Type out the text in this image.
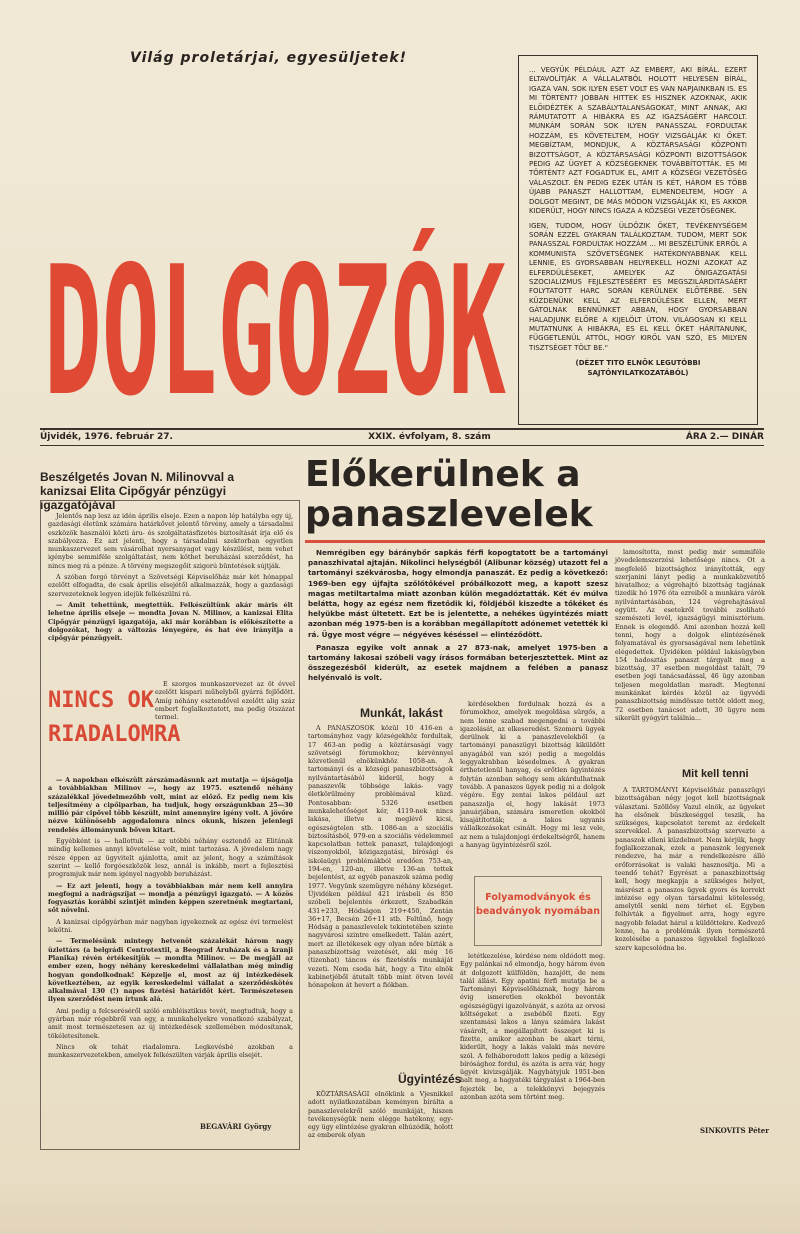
Világ proletárjai, egyesüljetek!
DOLGOZÓK

... VEGYÜK PÉLDÁUL AZT AZ EMBERT, AKI BÍRÁL. EZERT ELTAVOLÍTJÁK A VÁLLALATBÓL HOLOTT HELYESEN BÍRÁL, IGAZA VAN. SOK ILYEN ESET VOLT ES VAN NAPJAINKBAN IS. ES MI TÖRTÉNT? JOBBAN HITTEK ES HISZNEK AZOKNAK, AKIK ELŐIDÉZTÉK A SZABÁLYTALANSÁGOKAT, MINT ANNAK, AKI RÁMUTATOTT A HIBÁKRA ES AZ IGAZSÁGÉRT HARCOLT. MUNKÁM SORÁN SOK ILYEN PANASSZAL FORDULTAK HOZZÁM, ES KÖVETELTEM, HOGY VIZSGÁLJÁK KI ŐKET. MEGBÍZTAM, MONDJUK, A KÖZTÁRSASÁGI KÖZPONTI BIZOTTSÁGOT, A KÖZTÁRSASÁGI KÖZPONTI BIZOTTSÁGOK PEDIG AZ ÜGYET A KÖZSÉGEKNEK TOVÁBBÍTOTTÁK. ES MI TÖRTÉNT? AZT FOGADTUK EL, AMIT A KÖZSÉGI VEZETŐSÉG VÁLASZOLT. ÉN PEDIG EZEK UTÁN IS KÉT, HÁROM ES TÖBB ÚJABB PANASZT HALLOTTAM, ELMENDELTEM, HOGY A DOLGOT MEGINT, DE MÁS MÓDON VIZSGÁLJÁK KI, ES AKKOR KIDERÜLT, HOGY NINCS IGAZA A KÖZSÉGI VEZETŐSÉGNEK.

IGEN, TUDOM, HOGY ÜLDÖZIK ŐKET, TEVÉKENYSÉGEM SORÁN EZZEL GYAKRAN TALÁLKOZTAM. TUDOM, MERT SOK PANASSZAL FORDULTAK HOZZÁM ... MI BESZÉLTÜNK ERRŐL A KOMMUNISTA SZÖVETSÉGNEK HATÉKONYABBNAK KELL LENNIE, ES GYORSABBAN HELYREKELL HOZNI AZOKAT AZ ELFERDÜLÉSEKET, AMELYEK AZ ÖNIGAZGATÁSI SZOCIALIZMUS FEJLESZTÉSÉÉRT ES MEGSZILÁRDÍTÁSÁÉRT FOLYTATOTT HARC SORÁN KERÜLNEK ELŐTÉRBE. SEN KÜZDENÜNK KELL AZ ELFERDÜLÉSEK ELLEN, MERT GÁTOLNAK BENNÜNKET ABBAN, HOGY GYORSABBAN HALADJUNK ELŐRE A KIJELÖLT ÚTON. VILÁGOSAN KI KELL MUTATNUNK A HIBÁKRA, ES EL KELL ŐKET HÁRÍTANUNK, FÜGGETLENÜL ATTÓL, HOGY KIRŐL VAN SZÓ, ES MILYEN TISZTSÉGET TÖLT BE."

(DÉZET TITO ELNÖK LEGUTÓBBI SAJTÓNYILATKOZATÁBÓL)
Újvidék, 1976. február 27.	XXIX. évfolyam, 8. szám	ÁRA 2.— DINÁR
Beszélgetés Jovan N. Milinovval a kanizsai Elita Cipőgyár pénzügyi igazgatójával

Jelentős nap lesz az idén április elseje. Ezen a napon lép hatályba egy új, gazdasági életünk számára határkővet jelentő törvény, amely a társadalmi eszközök használói közti áru- és szolgáltatásfizetés biztosítását írja elő és szabályozza. Ez azt jelenti, hogy a társadalmi szektorban egyetlen munkaszervezet sem vásárolhat nyersanyagot vagy készülést, nem vehet igénybe semmiféle szolgáltatást, nem köthet beruházási szerződést, ha nincs meg rá a pénze. A törvény megszegőit szigorú büntetések sújtják.

A szóban forgó törvényt a Szövetségi Képviselőház már két hónappal ezelőtt elfogadta, de csak április elsejétől alkalmazzák, hogy a gazdasági szervezeteknek legyen idejük felkészülni rá.

— Amit tehettünk, megtettük. Felkészültünk akár máris élt lehetne április elseje — mondta Jovan N. Milinov, a kanizsai Elita Cipőgyár pénzügyi igazgatója, aki már korábban is előkészítette a dolgozókat, hogy a változás lényegére, és hat éve irányítja a cipőgyár pénzügyeit.

NINCS OK RIADALOMRA

E szorgos munkaszervezet az öt évvel ezelőtt kispari műhelyből gyárrá fejlődött. Amíg néhány esztendővel ezelőtt alig száz embert foglalkoztatott, ma pedig ötszázat termel.

— A napokban elkészült zárszámadásunk azt mutatja — újságolja a továbbiakban Milinov —, hogy az 1975. esztendő néhány százalékkal jövedelmezőbb volt, mint az előző. Ez pedig nem kis teljesítmény a cipőiparban, ha tudjuk, hogy országunkban 25—30 millió pár cipővel több készült, mint amennyire igény volt. A jövőre nézve különösebb aggodalomra nincs okunk, hiszen jelenlegi rendelés állományunk bőven kitart.

Egyébként is — hallottuk — az utóbbi néhány esztendő az Elitának mindig kellemes annyi követelése volt, mint tartozása. A jövedelem nagy része éppen az ügyvitelt ajánlotta, amit az jelent, hogy a számítások szerint — kellő forgóeszközök lesz, annál is inkább, mert a fejlesztési programjuk már nem igényel nagyobb beruházást.

— Ez azt jelenti, hogy a továbbiakban már nem kell annyira megfogni a nadrágszíjat — mondja a pénzügyi igazgató. — A közös fogyasztás korábbi szintjét minden képpen szeretnénk megtartani, sőt növelni.

A kanizsai cipőgyárban már nagyban igyekeznek az egész évi termelést lekötni.

— Termelésünk mintegy hetvenöt százalékát három nagy üzlettárs (a belgrádi Centrotextil, a Beograd Áruházak és a kranji Planika) révén értékesítjük — mondta Milinov. — De megjáll az ember ezen, hogy néhány kereskedelmi vállalatban még mindig hogyan gondolkodnak! Képzelje el, most az új intézkedések következtében, az egyik kereskedelmi vállalat a szerződéskötés alkalmával 130 (!) napos fizetési határidőt kért. Természetesen ilyen szerződést nem írtunk alá.

Ami pedig a felcseréséről szóló embléisztikus tevét, megtudtuk, hogy a gyárban már régebbről van egy, a munkahelyekre vonatkozó szabályzat, amit most természetesen az új intézkedések szellemében módosítanak, tökéletesítenek.

Nincs ok tehát riadalomra. Legkevésbé azokban a munkaszervezetekben, amelyek felkészülten várják április elsejét.

BEGAVÁRI György
Előkerülnek a panaszlevelek

Nemrégiben egy báránybőr sapkás férfi kopogtatott be a tartományi panaszhivatal ajtaján. Nikolinci helységből (Alibunar község) utazott fel a tartományi székvárosba, hogy elmondja panaszát. Ez pedig a következő: 1969-ben egy újfajta szőlőtőkével próbálkozott meg, a kapott szesz magas metiltartalma miatt azonban külön megadóztatták. Két év múlva beláttа, hogy az egész nem fizetődik ki, földjéből kiszedte a tőkéket és helyükbe mást ültetett. Ezt be is jelentette, a nehékes ügyintézés miatt azonban még 1975-ben is a korábban megállapított adónemet vetették ki rá. Ügye most végre — négyéves késéssel — elintéződött.

Panasza egyike volt annak a 27 873-nak, amelyet 1975-ben a tartomány lakosai szóbeli vagy írásos formában beterjesztettek. Mint az összegezésből kiderült, az esetek majdnem a felében a panasz helyénvaló is volt.

Munkát, lakást

A PANASZOSOK közül 10 416-en a tartományhoz vagy községekhöz fordultak, 17 463-an pedig a köztársasági vagy szövetségi fórumokhoz; kérvénnyel közvetlenül elnökünkhöz 1058-an. A tartományi és a községi panaszbizottságok nyilvántartásából kiderül, hogy a panaszevők többsége lakás- vagy életkörülmény problémával küzd. Pontosabban: 5326 esetben munkalehetőséget kér, 4119-nek nincs lakása, illetve a meglévő kicsi, egészségtelen stb. 1086-an a szociális biztosításból, 979-en a szociális védelemmel kapcsolatban tettek panaszt, tulajdonjogi viszonyokból, közigazgatási, bírósági és iskolaügyi problémákból eredően 753-an, 194-en, 120-an, illetve 136-an tettek bejelentést, az egyéb panaszok száma pedig 1977. Vegyünk szemügyre néhány községet. Újvidéken például 421 írásbeli és 850 szóbeli bejelentés érkezett, Szabadkán 431+233, Hódságon 219+450, Zentán 36+17, Becsén 26+11 stb. Feltűnő, hogy Hódság a panaszlevelek tekintetében szinte nagyvárosi szintre emelkedett. Talán azért, mert az illetékesek egy olyan nőre bízták a panaszbizottság vezetését, aki még 16 (tizenhat) táncos és fizetéstős munkáját vezeti. Nem csoda hát, hogy a Tito elnök kabinetjéből átutalt több mint ötven levél hónapokon át hevert a fiókban.

Ügyintézés

KÖZTÁRSASÁGI elnökünk a Vjesnikkel adott nyilatkozatában keményen bírálta a panaszlevelekről szóló munkáját, hiszen tevékenységük nem elégge hatékony, egy-egy ügy elintézése gyakran elhúzódik, holott az emberek olyan

kérdésekben fordulnak hozzá és a fórumokhoz, amelyek megoldása sürgős, a nem lenne szabad megengedni a további igazolását, az elkeseredést. Szomorú ügyek derülnek ki a panaszlevelekből (a tartományi panaszügyi bizottság kiküldött anyagából van szó) pedig a megoldás leggyakrabban késedelmes. A gyakran érthetetlenül hanyag, és erőtlen ügyintézés folytán azonban sehogy sem akárdulhatnak tovább. A panaszos ügyek pedig ni a dolgok végére. Egy zentai lakos például azt panaszolja el, hogy lakását 1973 januárjában, számára ismeretlen okokból kisajátították; a lakos ugyanis vállalkozásokat csinált. Hogy mi lesz vele, az nem a tulajdonjogi érdekeltségről, hanem a hanyag ügyintézésről szól.

Folyamodványok és beadványok nyomában

letétkezelése, kérdése nem oldódott meg. Egy palánkai nő elmondja, hogy három éven át dolgozott külföldön, hazajött, de nem talál állást. Egy apatini férfi mutatja be a Tartományi Képviselőháznak, hogy három évig ismeretlen okokból bevonták egészségügyi igazolványát, s azóta az orvosi költségeket a zsebéből fizeti. Egy szentamási lakos a lánya számára lakást vásárolt, a megállapított összeget ki is fizette, amikor azonban be akart térni, kiderült, hogy a lakás valaki más nevére szól. A felháborodott lakos pedig a községi bírósághoz fordul, és azóta is arra vár, hogy ügyét kivizsgálják. Nagybátyjuk 1951-ben halt meg, a hagyatéki tárgyalást a 1964-ben fejezték be, a telekkönyvi bejegyzés azonban azóta sem történt meg.

lamosította, most pedig már semmiféle jövedelemszerzési lehetősége nincs. Ot a megfelelő bizottsághoz irányították, egy szerjanini lányt pedig a munkaközvetítő hivatalhoz; a végrehajtó bizottság tagjának tizedik hó 1976 óta ezreiből a munkára várók nyilvántartásában, 124 végrehajtásával együtt. Az esetekről további zsoliható szemészeti levél, igazságügyi minisztérium. Ennek is elegendő. Ami azonban hozzá kell tenni, hogy a dolgok elintézésének folyamatával és gyorsaságával nem lehetünk elégedettek. Újvidéken például lakásügyben 154 hadosztás panaszt tárgyalt meg a bizottság, 37 esetben megoldást talált, 79 esetben jogi tanácsadással, 46 ügy azonban teljesen megoldatlan maradt. Megtenni munkánkat kérdés közül az ügyvédi panaszbizottság mindössze tettöt oldott meg, 72 esetben tanácsot adott, 30 ügyre nem sikerült gyógyírt találnia...

Mit kell tenni

A TARTOMÁNYI Képviselőház panaszügyi bizottságában négy jogot kell bizottságnak választani. Szöllősy Vazul elnök, az ügyeket ha elsőnek büszkeséggel teszik, ha szükséges, kapcsolatot teremt az érdekelt szervekkel. A panaszbizottság szervezte a panaszok elleni küzdelmet. Nem kérjük, hogy foglalkozzanak, ezek a panaszok legyenek rendezve, ha már a rendelkezésre álló erőforrásokat is valaki hasznosítja. Mi a teendő tehát? Egyrészt a panaszbizottság kell, hogy megkapja a szükséges helyet, másrészt a panaszos ügyek gyors és korrekt intézése egy olyan társadalmi kötelesség, amelytől senki nem térhet el. Egyben felhívták a figyelmet arra, hogy egyre nagyobb feladat hárul a küldöttekre. Kedvező lenne, ha a problémák ilyen természetű kezelésébe a panaszos ügyekkel foglalkozó szerv kapcsolódna be.

SINKOVITS Péter
